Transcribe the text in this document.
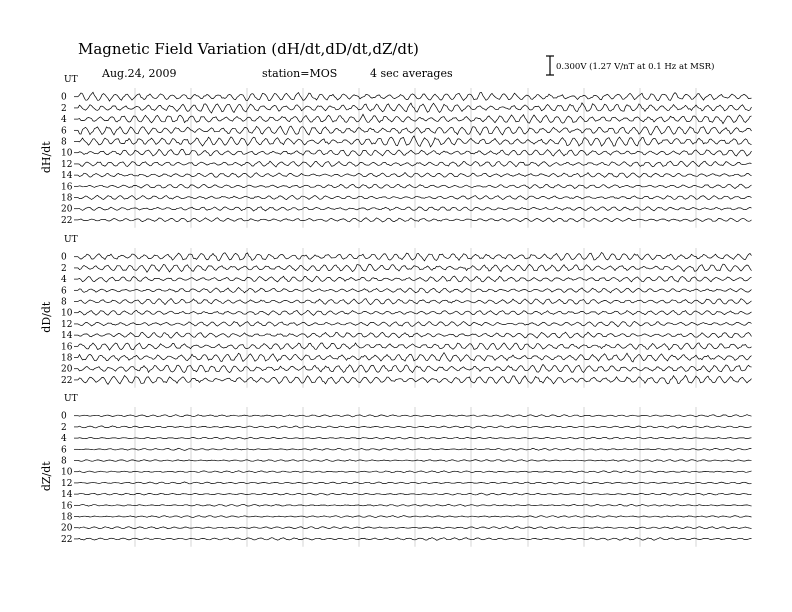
Magnetic Field Variation (dH/dt,dD/dt,dZ/dt)
Aug.24, 2009	station=MOS	4 sec averages	0.300V (1.27 V/nT at 0.1 Hz at MSR)
UT
dH/dt
0
2
4
6
8
10
12
14
16
18
20
22
UT
dD/dt
0
2
4
6
8
10
12
14
16
18
20
22
UT
dZ/dt
0
2
4
6
8
10
12
14
16
18
20
22
